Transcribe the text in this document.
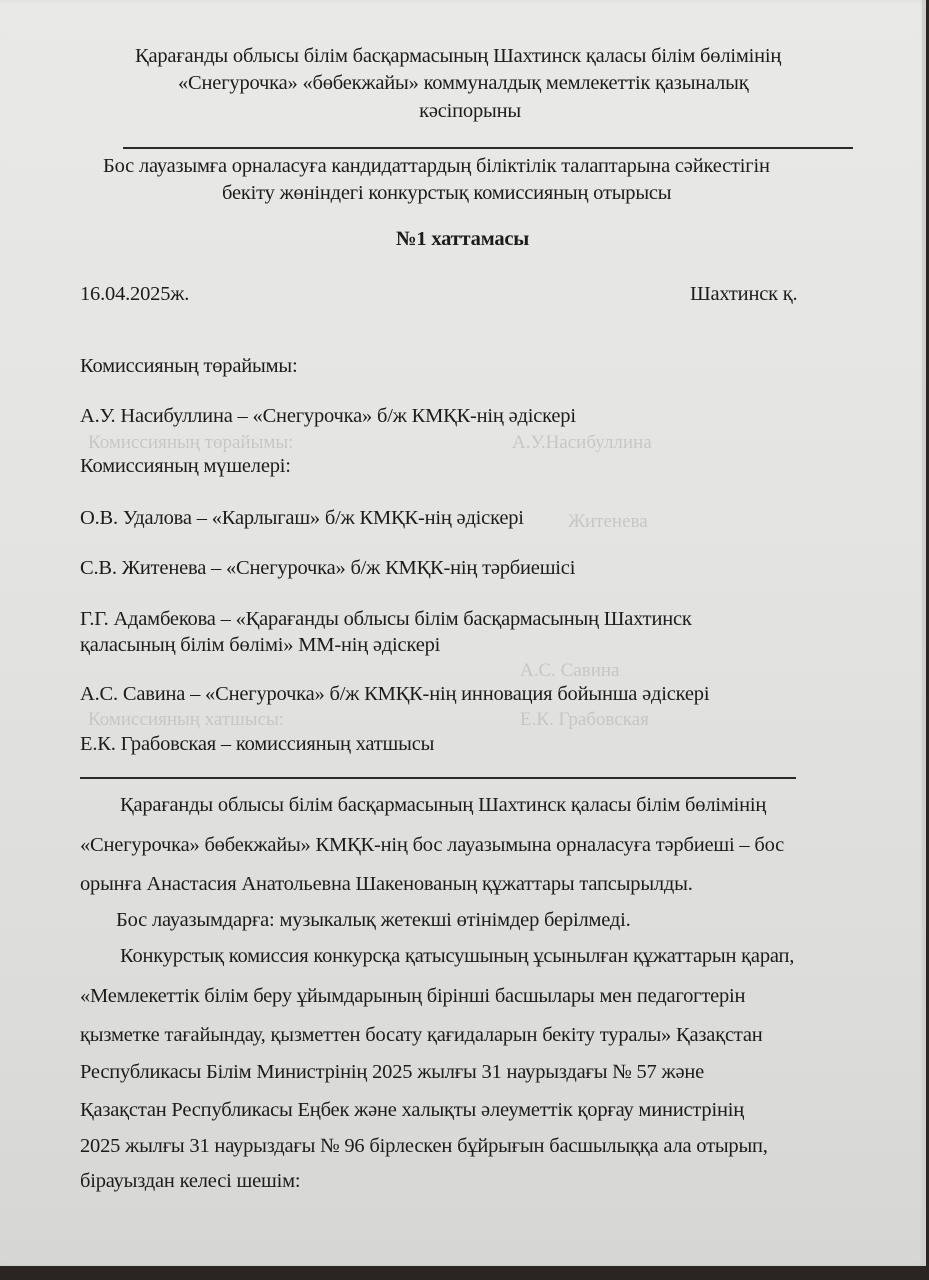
Комиссияның төрайымы:	А.У.Насибуллина
Житенева
А.С. Савина
Комиссияның хатшысы:	Е.К. Грабовская
Қарағанды облысы білім басқармасының Шахтинск қаласы білім бөлімінің
«Снегурочка» «бөбекжайы» коммуналдық мемлекеттік қазыналық
кәсіпорыны
Бос лауазымға орналасуға кандидаттардың біліктілік талаптарына сәйкестігін
бекіту жөніндегі конкурстық комиссияның отырысы
№1 хаттамасы
16.04.2025ж.	Шахтинск қ.
Комиссияның төрайымы:
А.У. Насибуллина – «Снегурочка» б/ж КМҚК-нің әдіскері
Комиссияның мүшелері:
О.В. Удалова – «Карлыгаш» б/ж КМҚК-нің әдіскері
С.В. Житенева – «Снегурочка» б/ж КМҚК-нің тәрбиешісі
Г.Г. Адамбекова – «Қарағанды облысы білім басқармасының Шахтинск
қаласының білім бөлімі» ММ-нің әдіскері
А.С. Савина – «Снегурочка» б/ж КМҚК-нің инновация бойынша әдіскері
Е.К. Грабовская – комиссияның хатшысы
Қарағанды облысы білім басқармасының Шахтинск қаласы білім бөлімінің
«Снегурочка» бөбекжайы» КМҚК-нің бос лауазымына орналасуға тәрбиеші – бос
орынға Анастасия Анатольевна Шакенованың құжаттары тапсырылды.
Бос лауазымдарға: музыкалық жетекші өтінімдер берілмеді.
Конкурстық комиссия конкурсқа қатысушының ұсынылған құжаттарын қарап,
«Мемлекеттік білім беру ұйымдарының бірінші басшылары мен педагогтерін
қызметке тағайындау, қызметтен босату қағидаларын бекіту туралы» Қазақстан
Республикасы Білім Министрінің 2025 жылғы 31 наурыздағы № 57 және
Қазақстан Республикасы Еңбек және халықты әлеуметтік қорғау министрінің
2025 жылғы 31 наурыздағы № 96 бірлескен бұйрығын басшылыққа ала отырып,
бірауыздан келесі шешім:
